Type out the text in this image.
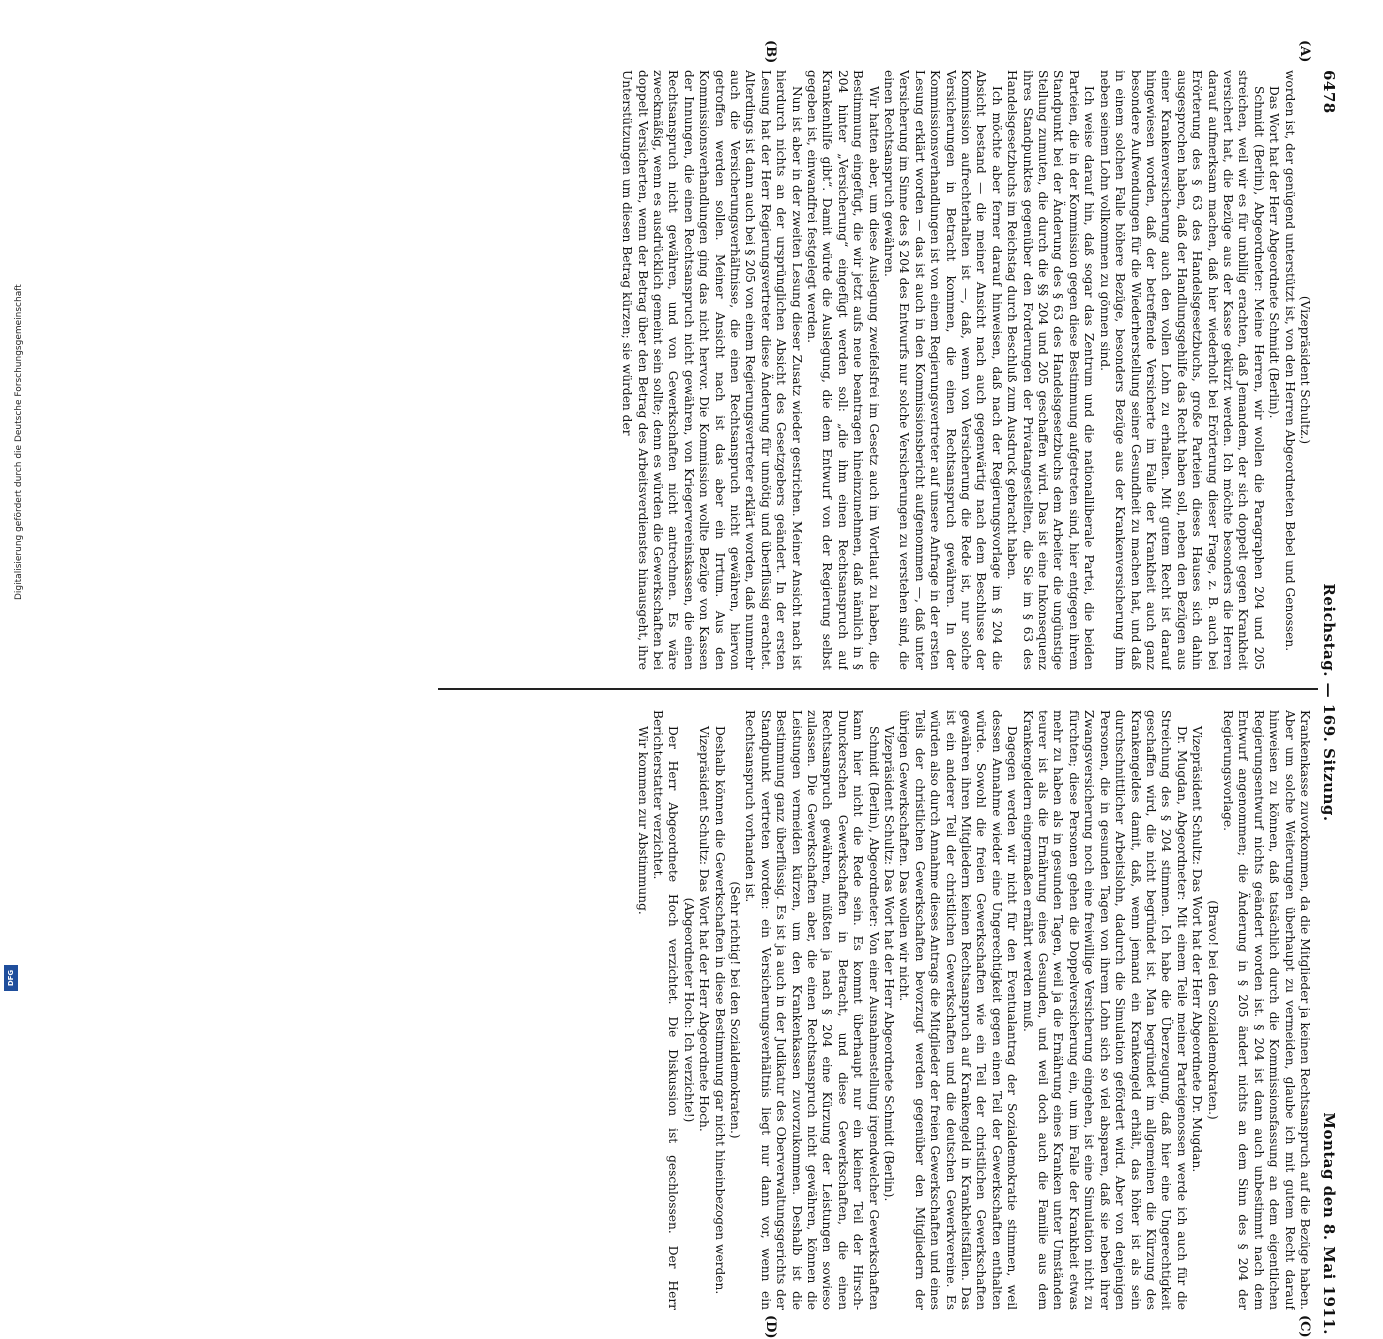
Digitalisierung gefördert durch die Deutsche Forschungsgemeinschaft
DFG
6478
Reichstag. — 169. Sitzung.
Montag den 8. Mai 1911.
(A)
(B)
(C)
(D)

(Vizepräsident Schultz.)

worden ist, der genügend unterstützt ist, von den Herren Abgeordneten Bebel und Genossen.

Das Wort hat der Herr Abgeordnete Schmidt (Berlin).

Schmidt (Berlin), Abgeordneter: Meine Herren, wir wollen die Paragraphen 204 und 205 streichen, weil wir es für unbillig erachten, daß Jemandem, der sich doppelt gegen Krankheit versichert hat, die Bezüge aus der Kasse gekürzt werden. Ich möchte besonders die Herren darauf aufmerksam machen, daß hier wiederholt bei Erörterung dieser Frage, z. B. auch bei Erörterung des § 63 des Handelsgesetzbuchs, große Parteien dieses Hauses sich dahin ausgesprochen haben, daß der Handlungsgehilfe das Recht haben soll, neben den Bezügen aus einer Krankenversicherung auch den vollen Lohn zu erhalten. Mit gutem Recht ist darauf hingewiesen worden, daß der betreffende Versicherte im Falle der Krankheit auch ganz besondere Aufwendungen für die Wiederherstellung seiner Gesundheit zu machen hat, und daß in einem solchen Falle höhere Bezüge, besonders Bezüge aus der Krankenversicherung ihm neben seinem Lohn vollkommen zu gönnen sind.

Ich weise darauf hin, daß sogar das Zentrum und die nationalliberale Partei, die beiden Parteien, die in der Kommission gegen diese Bestimmung aufgetreten sind, hier entgegen ihrem Standpunkt bei der Änderung des § 63 des Handelsgesetzbuchs dem Arbeiter die ungünstige Stellung zumuten, die durch die §§ 204 und 205 geschaffen wird. Das ist eine Inkonsequenz ihres Standpunktes gegenüber den Forderungen der Privatangestellten, die Sie im § 63 des Handelsgesetzbuchs im Reichstag durch Beschluß zum Ausdruck gebracht haben.

Ich möchte aber ferner darauf hinweisen, daß nach der Regierungsvorlage im § 204 die Absicht bestand — die meiner Ansicht nach auch gegenwärtig nach dem Beschlusse der Kommission aufrechterhalten ist —, daß, wenn von Versicherung die Rede ist, nur solche Versicherungen in Betracht kommen, die einen Rechtsanspruch gewähren. In der Kommissionsverhandlungen ist von einem Regierungsvertreter auf unsere Anfrage in der ersten Lesung erklärt worden — das ist auch in den Kommissionsbericht aufgenommen —, daß unter Versicherung im Sinne des § 204 des Entwurfs nur solche Versicherungen zu verstehen sind, die einen Rechtsanspruch gewähren.

Wir hatten aber, um diese Auslegung zweifelsfrei im Gesetz auch im Wortlaut zu haben, die Bestimmung eingefügt, die wir jetzt aufs neue beantragen hineinzunehmen, daß nämlich in § 204 hinter „Versicherung“ eingefügt werden soll: „die ihm einen Rechtsanspruch auf Krankenhilfe gibt“. Damit würde die Auslegung, die dem Entwurf von der Regierung selbst gegeben ist, einwandfrei festgelegt werden.

Nun ist aber in der zweiten Lesung dieser Zusatz wieder gestrichen. Meiner Ansicht nach ist hierdurch nichts an der ursprünglichen Absicht des Gesetzgebers geändert. In der ersten Lesung hat der Herr Regierungsvertreter diese Änderung für unnötig und überflüssig erachtet. Alterdings ist dann auch bei § 205 von einem Regierungsvertreter erklärt worden, daß nunmehr auch die Versicherungsverhältnisse, die einen Rechtsanspruch nicht gewähren, hiervon getroffen werden sollen. Meiner Ansicht nach ist das aber ein Irrtum. Aus den Kommissionsverhandlungen ging das nicht hervor. Die Kommission wollte Bezüge von Kassen der Innungen, die einen Rechtsanspruch nicht gewähren, von Kriegervereinskassen, die einen Rechtsanspruch nicht gewähren, und von Gewerkschaften nicht antrechnen. Es wäre zweckmäßig, wenn es ausdrücklich gemeint sein sollte; denn es würden die Gewerkschaften bei doppelt Versicherten, wenn der Betrag über den Betrag des Arbeitsverdienstes hinausgeht, ihre Unterstützungen um diesen Betrag kürzen; sie würden der

Krankenkasse zuvorkommen, da die Mitglieder ja keinen Rechtsanspruch auf die Bezüge haben. Aber um solche Weiterungen überhaupt zu vermeiden, glaube ich mit gutem Recht darauf hinweisen zu können, daß tatsächlich durch die Kommissionsfassung an dem eigentlichen Regierungsentwurf nichts geändert worden ist. § 204 ist dann auch unbestimmt nach dem Entwurf angenommen; die Änderung in § 205 ändert nichts an dem Sinn des § 204 der Regierungsvorlage.

(Bravo! bei den Sozialdemokraten.)

Vizepräsident Schultz: Das Wort hat der Herr Abgeordnete Dr. Mugdan.

Dr. Mugdan, Abgeordneter: Mit einem Teile meiner Parteigenossen werde ich auch für die Streichung des § 204 stimmen. Ich habe die Überzeugung, daß hier eine Ungerechtigkeit geschaffen wird, die nicht begründet ist. Man begründet im allgemeinen die Kürzung des Krankengeldes damit, daß, wenn jemand ein Krankengeld erhält, das höher ist als sein durchschnittlicher Arbeitslohn, dadurch die Simulation gefördert wird. Aber von denjenigen Personen, die in gesunden Tagen von ihrem Lohn sich so viel absparen, daß sie neben ihrer Zwangsversicherung noch eine freiwillige Versicherung eingehen, ist eine Simulation nicht zu fürchten; diese Personen gehen die Doppelversicherung ein, um im Falle der Krankheit etwas mehr zu haben als in gesunden Tagen, weil ja die Ernährung eines Kranken unter Umständen teurer ist als die Ernährung eines Gesunden, und weil doch auch die Familie aus dem Krankengeldern eingermaßen ernährt werden muß.

Dagegen werden wir nicht für den Eventualantrag der Sozialdemokratie stimmen, weil dessen Annahme wieder eine Ungerechtigkeit gegen einen Teil der Gewerkschaften enthalten würde. Sowohl die freien Gewerkschaften wie ein Teil der christlichen Gewerkschaften gewähren ihren Mitgliedern keinen Rechtsanspruch auf Krankengeld in Krankheitsfällen. Das ist ein anderer Teil der christlichen Gewerkschaften und die deutschen Gewerkvereine. Es würden also durch Annahme dieses Antrags die Mitglieder der freien Gewerkschaften und eines Teils der christlichen Gewerkschaften bevorzugt werden gegenüber den Mitgliedern der übrigen Gewerkschaften. Das wollen wir nicht.

Vizepräsident Schultz: Das Wort hat der Herr Abgeordnete Schmidt (Berlin).

Schmidt (Berlin), Abgeordneter: Von einer Ausnahmestellung irgendwelcher Gewerkschaften kann hier nicht die Rede sein. Es kommt überhaupt nur ein kleiner Teil der Hirsch-Dunckerschen Gewerkschaften in Betracht, und diese Gewerkschaften, die einen Rechtsanspruch gewähren, müßten ja nach § 204 eine Kürzung der Leistungen sowieso zulassen. Die Gewerkschaften aber, die einen Rechtsanspruch nicht gewähren, können die Leistungen vermeiden kürzen, um den Krankenkassen zuvorzukommen. Deshalb ist die Bestimmung ganz überflüssig. Es ist ja auch in der Judikatur des Oberverwaltungsgerichts der Standpunkt vertreten worden: ein Versicherungsverhältnis liegt nur dann vor, wenn ein Rechtsanspruch vorhanden ist.

(Sehr richtig! bei den Sozialdemokraten.)

Deshalb können die Gewerkschaften in diese Bestimmung gar nicht hineinbezogen werden.

Vizepräsident Schultz: Das Wort hat der Herr Abgeordnete Hoch.

(Abgeordneter Hoch: Ich verzichte!)

Der Herr Abgeordnete Hoch verzichtet. Die Diskussion ist geschlossen. Der Herr Berichterstatter verzichtet.

Wir kommen zur Abstimmung.
